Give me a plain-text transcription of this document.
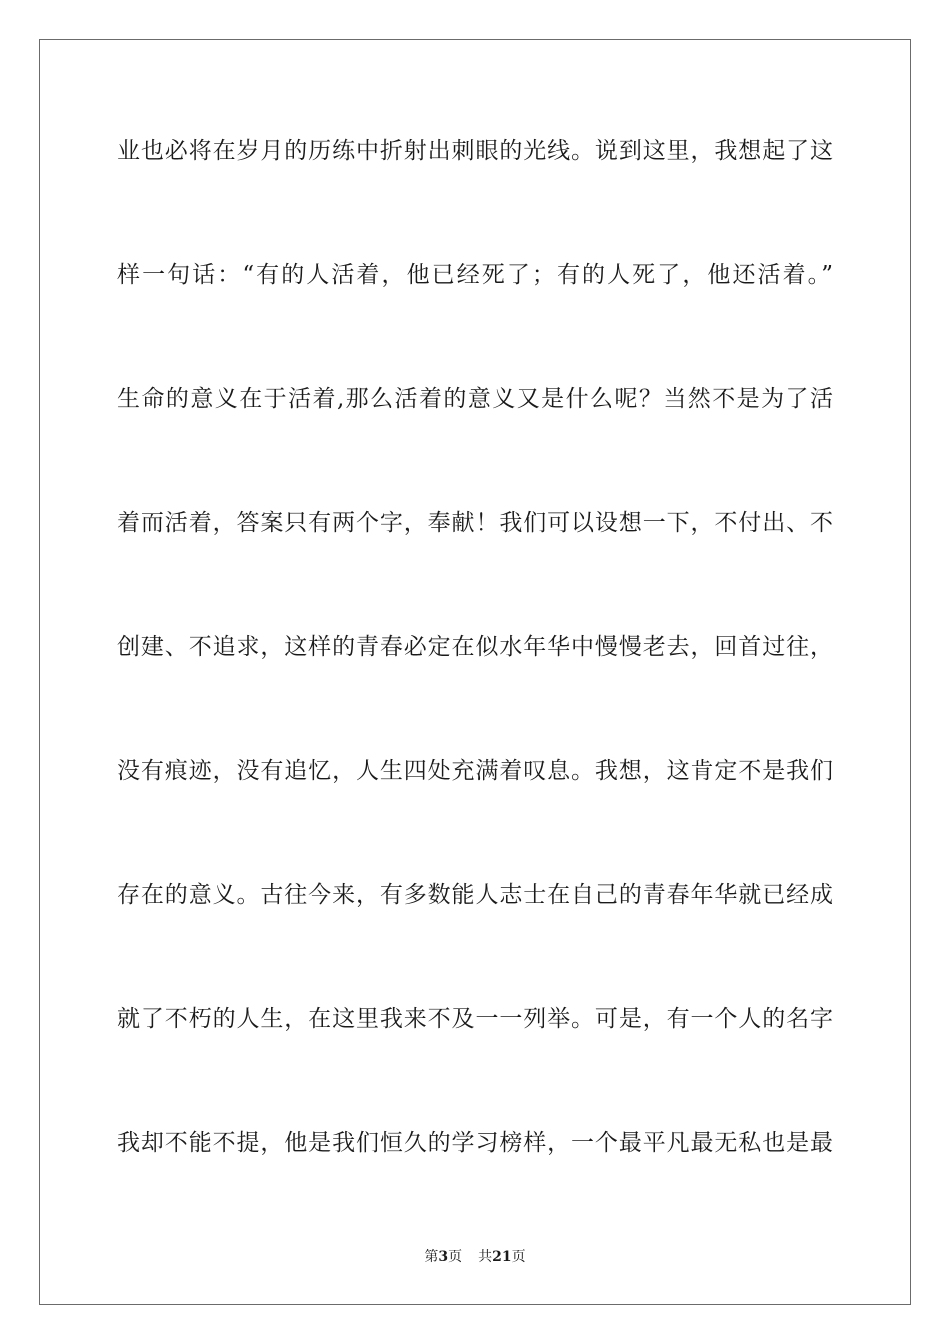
业也必将在岁月的历练中折射出刺眼的光线。说到这里，我想起了这
样一句话：“有的人活着，他已经死了；有的人死了，他还活着。”
生命的意义在于活着,那么活着的意义又是什么呢？当然不是为了活
着而活着，答案只有两个字，奉献！我们可以设想一下，不付出、不
创建、不追求，这样的青春必定在似水年华中慢慢老去，回首过往，
没有痕迹，没有追忆，人生四处充满着叹息。我想，这肯定不是我们
存在的意义。古往今来，有多数能人志士在自己的青春年华就已经成
就了不朽的人生，在这里我来不及一一列举。可是，有一个人的名字
我却不能不提，他是我们恒久的学习榜样，一个最平凡最无私也是最
第3页 共21页
